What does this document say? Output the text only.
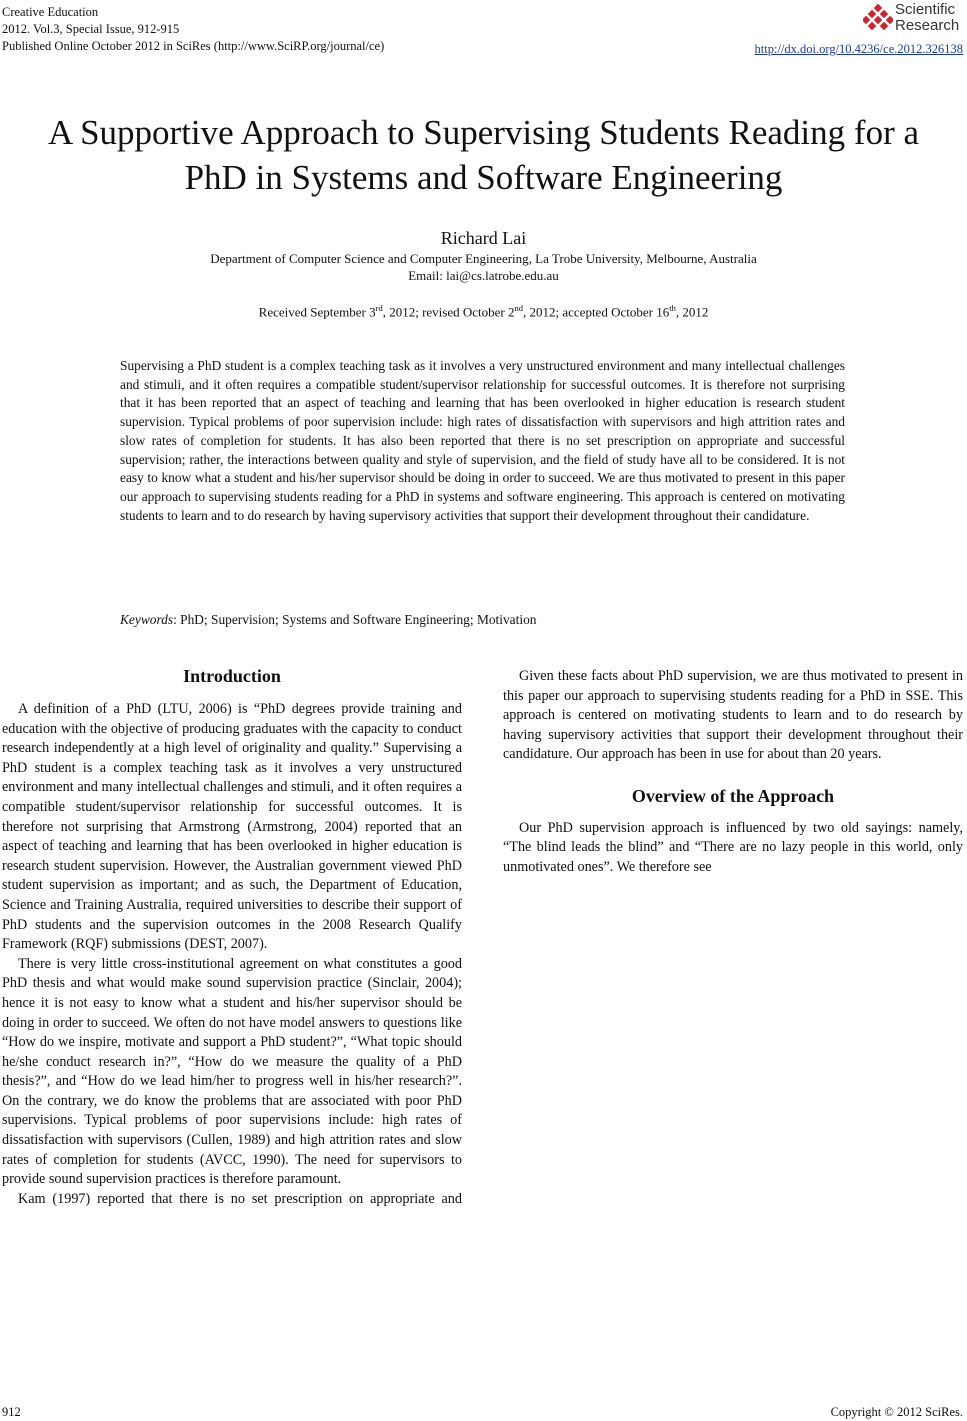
Creative Education
2012. Vol.3, Special Issue, 912-915
Published Online October 2012 in SciRes (http://www.SciRP.org/journal/ce)	http://dx.doi.org/10.4236/ce.2012.326138
Scientific
Research
A Supportive Approach to Supervising Students Reading for a
PhD in Systems and Software Engineering
Richard Lai
Department of Computer Science and Computer Engineering, La Trobe University, Melbourne, Australia
Email: lai@cs.latrobe.edu.au
Received September 3rd, 2012; revised October 2nd, 2012; accepted October 16th, 2012
Supervising a PhD student is a complex teaching task as it involves a very unstructured environment and many intellectual challenges and stimuli, and it often requires a compatible student/supervisor relationship for successful outcomes. It is therefore not surprising that it has been reported that an aspect of teaching and learning that has been overlooked in higher education is research student supervision. Typical problems of poor supervision include: high rates of dissatisfaction with supervisors and high attrition rates and slow rates of completion for students. It has also been reported that there is no set prescription on appropriate and successful supervision; rather, the interactions between quality and style of supervision, and the field of study have all to be considered. It is not easy to know what a student and his/her supervisor should be doing in order to succeed. We are thus motivated to present in this paper our approach to supervising students reading for a PhD in systems and software engineering. This approach is centered on motivating students to learn and to do research by having supervisory activities that support their development throughout their candidature.
Keywords: PhD; Supervision; Systems and Software Engineering; Motivation
Introduction

A definition of a PhD (LTU, 2006) is “PhD degrees provide training and education with the objective of producing graduates with the capacity to conduct research independently at a high level of originality and quality.” Supervising a PhD student is a complex teaching task as it involves a very unstructured environment and many intellectual challenges and stimuli, and it often requires a compatible student/supervisor relationship for successful outcomes. It is therefore not surprising that Armstrong (Armstrong, 2004) reported that an aspect of teaching and learning that has been overlooked in higher education is research student supervision. However, the Australian government viewed PhD student supervision as important; and as such, the Department of Education, Science and Training Australia, required universities to describe their support of PhD students and the supervision outcomes in the 2008 Research Qualify Framework (RQF) submissions (DEST, 2007).

There is very little cross-institutional agreement on what constitutes a good PhD thesis and what would make sound supervision practice (Sinclair, 2004); hence it is not easy to know what a student and his/her supervisor should be doing in order to succeed. We often do not have model answers to questions like “How do we inspire, motivate and support a PhD student?”, “What topic should he/she conduct research in?”, “How do we measure the quality of a PhD thesis?”, and “How do we lead him/her to progress well in his/her research?”. On the contrary, we do know the problems that are associated with poor PhD supervisions. Typical problems of poor supervisions include: high rates of dissatisfaction with supervisors (Cullen, 1989) and high attrition rates and slow rates of completion for students (AVCC, 1990). The need for supervisors to provide sound supervision practices is therefore paramount.

Kam (1997) reported that there is no set prescription on appropriate and

Given these facts about PhD supervision, we are thus motivated to present in this paper our approach to supervising students reading for a PhD in SSE. This approach is centered on motivating students to learn and to do research by having supervisory activities that support their development throughout their candidature. Our approach has been in use for about than 20 years.

Overview of the Approach

Our PhD supervision approach is influenced by two old sayings: namely, “The blind leads the blind” and “There are no lazy people in this world, only unmotivated ones”. We therefore see

912	Copyright © 2012 SciRes.
